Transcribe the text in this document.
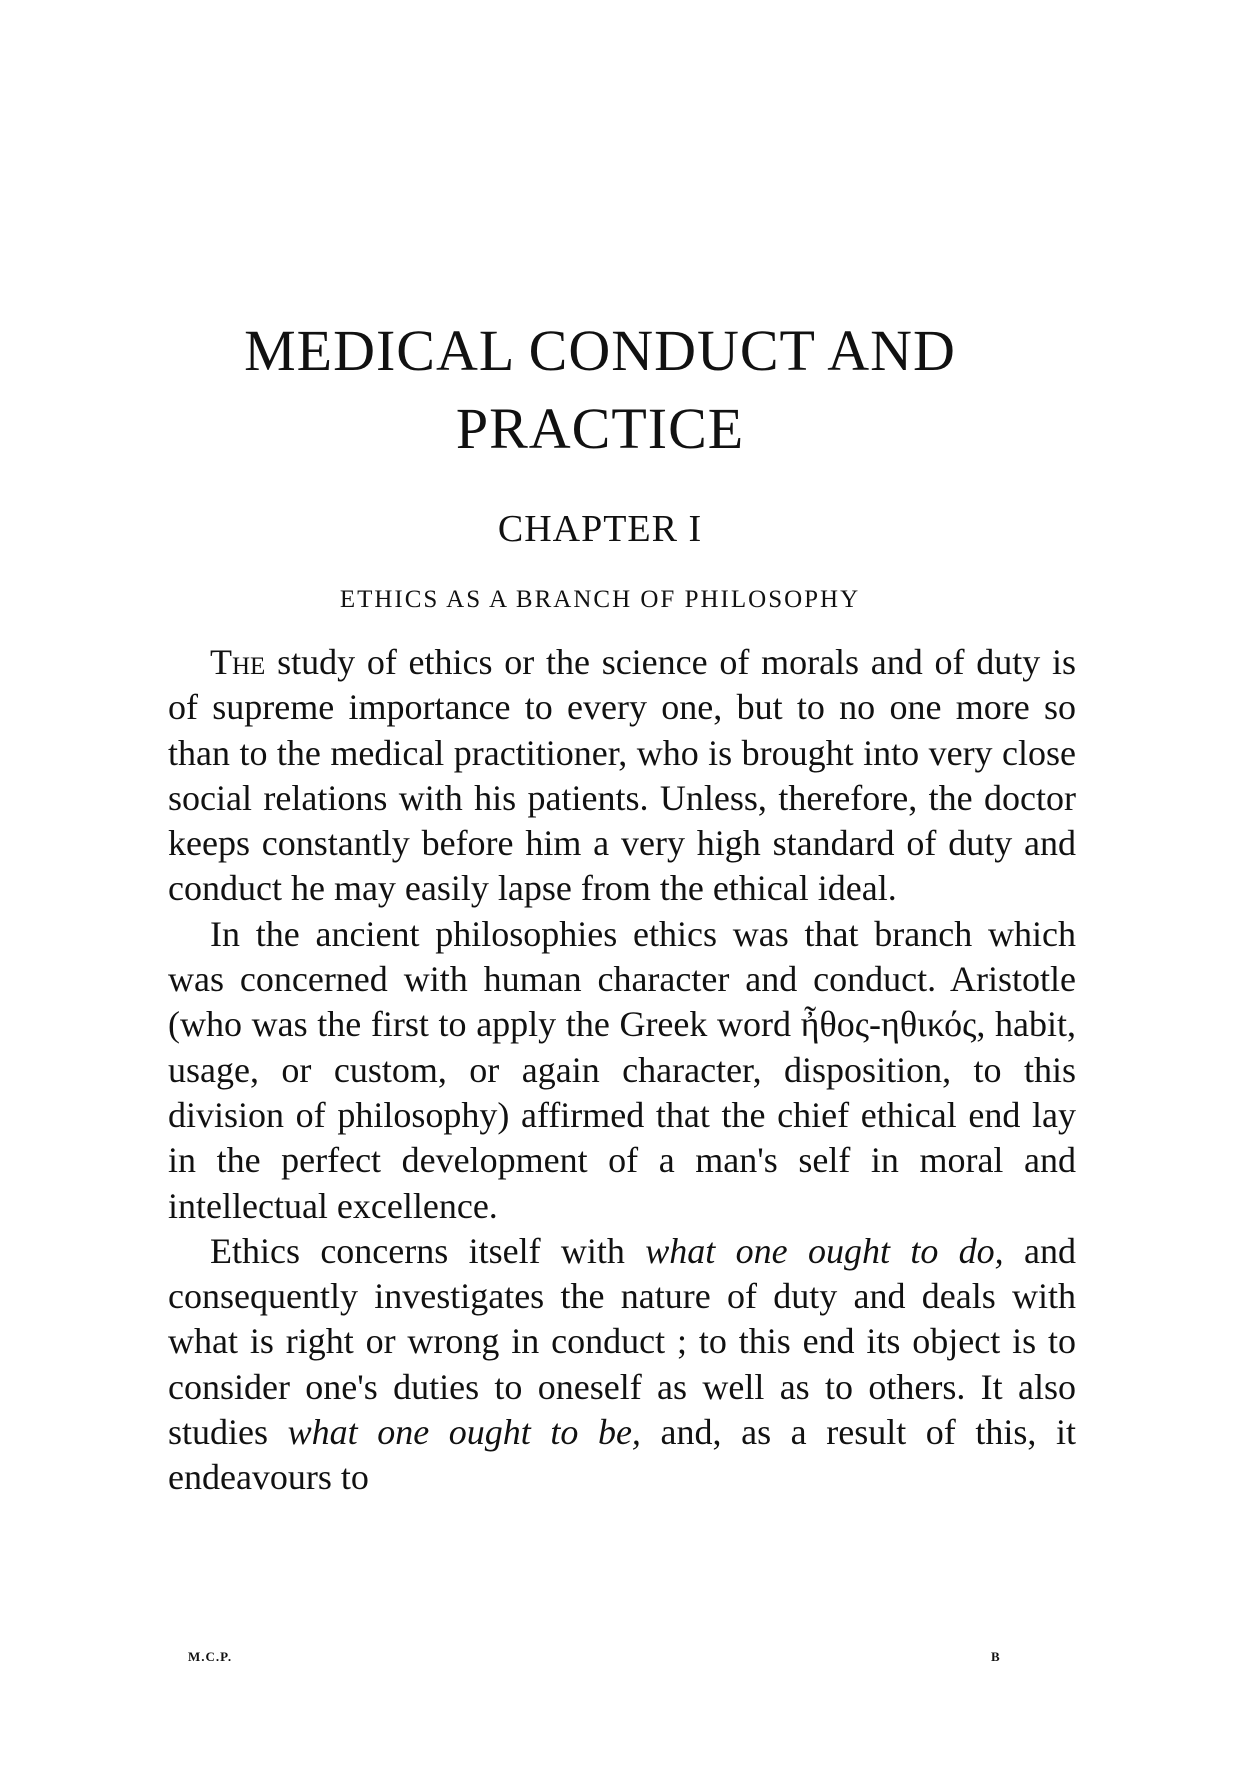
MEDICAL CONDUCT AND
PRACTICE
CHAPTER I
ETHICS AS A BRANCH OF PHILOSOPHY

The study of ethics or the science of morals and of duty is of supreme importance to every one, but to no one more so than to the medical practitioner, who is brought into very close social relations with his patients. Unless, therefore, the doctor keeps constantly before him a very high standard of duty and conduct he may easily lapse from the ethical ideal.

In the ancient philosophies ethics was that branch which was concerned with human character and conduct. Aristotle (who was the first to apply the Greek word ἦθος-ηθικός, habit, usage, or custom, or again character, disposition, to this division of philosophy) affirmed that the chief ethical end lay in the perfect development of a man's self in moral and intellectual excellence.

Ethics concerns itself with what one ought to do, and consequently investigates the nature of duty and deals with what is right or wrong in conduct ; to this end its object is to consider one's duties to oneself as well as to others. It also studies what one ought to be, and, as a result of this, it endeavours to

M.C.P.	B
